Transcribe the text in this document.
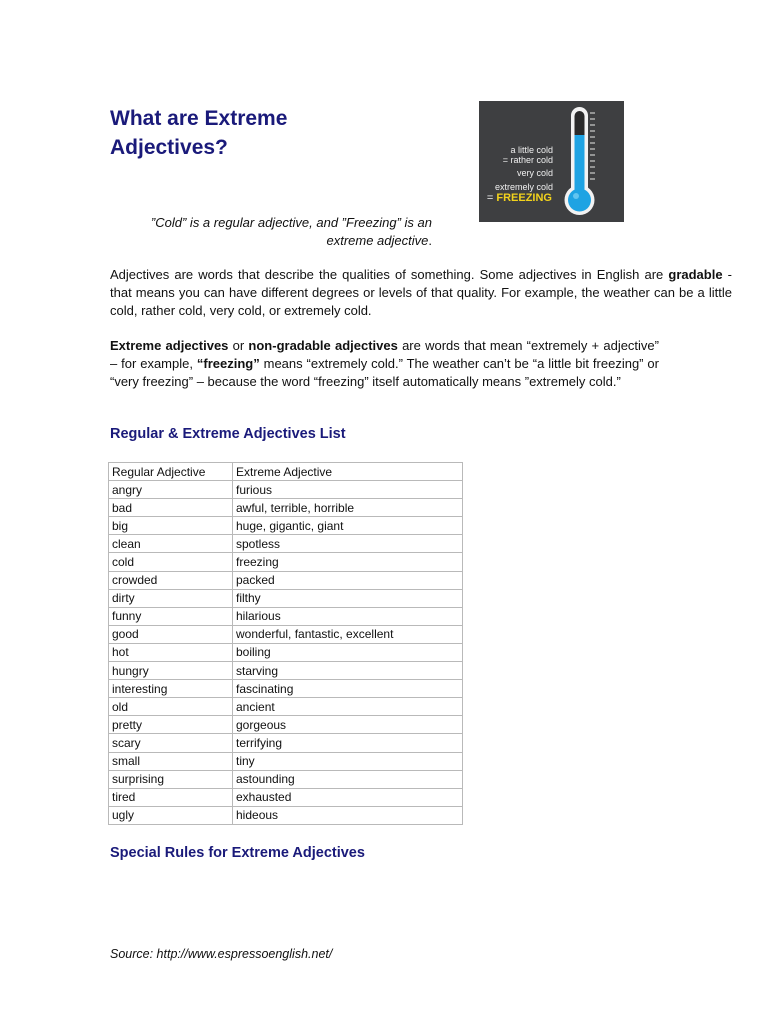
What are Extreme
Adjectives?	a little cold
= rather cold
very cold
extremely cold
= FREEZING
”Cold” is a regular adjective, and ”Freezing” is an
extreme adjective.

Adjectives are words that describe the qualities of something. Some adjectives in English are gradable - that means you can have different degrees or levels of that quality. For example, the weather can be a little cold, rather cold, very cold, or extremely cold.

Extreme adjectives or non-gradable adjectives are words that mean “extremely + adjective” – for example, “freezing” means “extremely cold.” The weather can’t be “a little bit freezing” or “very freezing” – because the word “freezing” itself automatically means ”extremely cold.”

Regular & Extreme Adjectives List
Regular Adjective	Extreme Adjective
angry	furious
bad	awful, terrible, horrible
big	huge, gigantic, giant
clean	spotless
cold	freezing
crowded	packed
dirty	filthy
funny	hilarious
good	wonderful, fantastic, excellent
hot	boiling
hungry	starving
interesting	fascinating
old	ancient
pretty	gorgeous
scary	terrifying
small	tiny
surprising	astounding
tired	exhausted
ugly	hideous
Special Rules for Extreme Adjectives
Source: http://www.espressoenglish.net/
